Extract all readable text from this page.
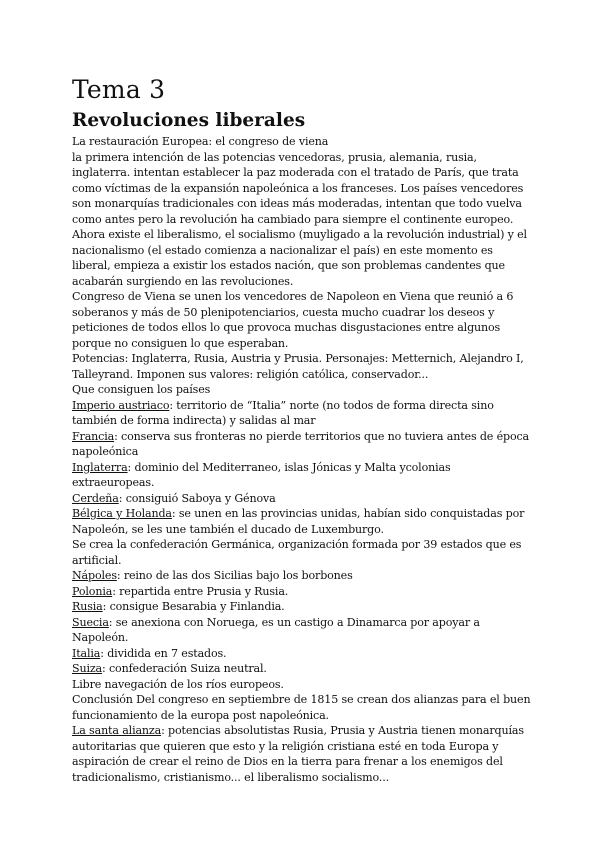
Tema 3
Revoluciones liberales

La restauración Europea: el congreso de viena

la primera intención de las potencias vencedoras, prusia, alemania, rusia, inglaterra. intentan establecer la paz moderada con el tratado de París, que trata como víctimas de la expansión napoleónica a los franceses. Los países vencedores son monarquías tradicionales con ideas más moderadas, intentan que todo vuelva como antes pero la revolución ha cambiado para siempre el continente europeo. Ahora existe el liberalismo, el socialismo (muyligado a la revolución industrial) y el nacionalismo (el estado comienza a nacionalizar el país) en este momento es liberal, empieza a existir los estados nación, que son problemas candentes que acabarán surgiendo en las revoluciones.

Congreso de Viena se unen los vencedores de Napoleon en Viena que reunió a 6 soberanos y más de 50 plenipotenciarios, cuesta mucho cuadrar los deseos y peticiones de todos ellos lo que provoca muchas disgustaciones entre algunos porque no consiguen lo que esperaban.

Potencias: Inglaterra, Rusia, Austria y Prusia. Personajes: Metternich, Alejandro I, Talleyrand. Imponen sus valores: religión católica, conservador...

Que consiguen los países

Imperio austriaco: territorio de “Italia” norte (no todos de forma directa sino también de forma indirecta) y salidas al mar

Francia: conserva sus fronteras no pierde territorios que no tuviera antes de época napoleónica

Inglaterra: dominio del Mediterraneo, islas Jónicas y Malta ycolonias extraeuropeas.

Cerdeña: consiguió Saboya y Génova

Bélgica y Holanda: se unen en las provincias unidas, habían sido conquistadas por Napoleón, se les une también el ducado de Luxemburgo.

Se crea la confederación Germánica, organización formada por 39 estados que es artificial.

Nápoles: reino de las dos Sicilias bajo los borbones

Polonia: repartida entre Prusia y Rusia.

Rusia: consigue Besarabia y Finlandia.

Suecia: se anexiona con Noruega, es un castigo a Dinamarca por apoyar a Napoleón.

Italia: dividida en 7 estados.

Suiza: confederación Suiza neutral.

Libre navegación de los ríos europeos.

Conclusión Del congreso en septiembre de 1815 se crean dos alianzas para el buen funcionamiento de la europa post napoleónica.

La santa alianza: potencias absolutistas Rusia, Prusia y Austria tienen monarquías autoritarias que quieren que esto y la religión cristiana esté en toda Europa y aspiración de crear el reino de Dios en la tierra para frenar a los enemigos del tradicionalismo, cristianismo... el liberalismo socialismo...
